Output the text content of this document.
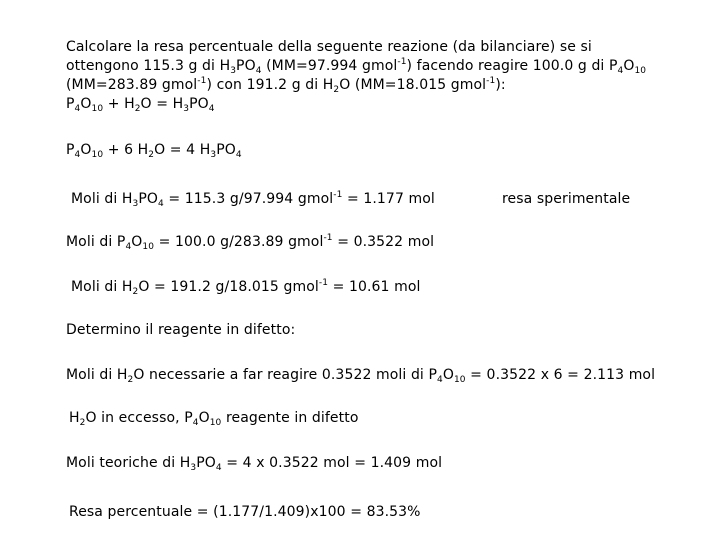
Calcolare la resa percentuale della seguente reazione (da bilanciare) se si
ottengono 115.3 g di $H_3PO_4$ (MM=97.994 gmol$^{-1}$) facendo reagire 100.0 g di $P_4O_{10}$
(MM=283.89 gmol$^{-1}$) con 191.2 g di $H_2O$ (MM=18.015 gmol$^{-1}$):
$P_4O_{10} + H_2O = H_3PO_4$
$P_4O_{10} + 6$ $H_2O = 4$ $H_3PO_4$
Moli di $H_3PO_4 = 115.3$ g/97.994 gmol$^{-1}$ = 1.177 mol	resa sperimentale
Moli di $P_4O_{10} = 100.0$ g/283.89 gmol$^{-1}$ = 0.3522 mol
Moli di $H_2O = 191.2$ g/18.015 gmol$^{-1}$ = 10.61 mol
Determino il reagente in difetto:
Moli di $H_2O$ necessarie a far reagire 0.3522 moli di $P_4O_{10} = 0.3522$ x 6 = 2.113 mol
$H_2O$ in eccesso, $P_4O_{10}$ reagente in difetto
Moli teoriche di $H_3PO_4 = 4$ x 0.3522 mol = 1.409 mol
Resa percentuale = (1.177/1.409)x100 = 83.53%
